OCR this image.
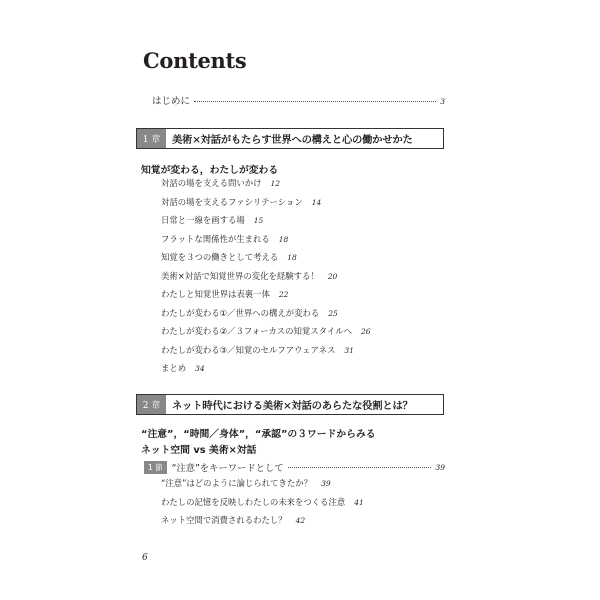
Contents
はじめに	3
1 章	美術×対話がもたらす世界への構えと心の働かせかた
知覚が変わる，わたしが変わる
対話の場を支える問いかけ 12
対話の場を支えるファシリテーション 14
日常と一線を画する場 15
フラットな関係性が生まれる 18
知覚を３つの働きとして考える 18
美術×対話で知覚世界の変化を経験する！ 20
わたしと知覚世界は表裏一体 22
わたしが変わる①／世界への構えが変わる 25
わたしが変わる②／３フォーカスの知覚スタイルへ 26
わたしが変わる③／知覚のセルフアウェアネス 31
まとめ 34
2 章	ネット時代における美術×対話のあらたな役割とは？
“注意”，“時間／身体”，“承認”の３ワードからみる
ネット空間 vs 美術×対話
1 節 “注意”をキーワードとして	39
“注意”はどのように論じられてきたか？ 39
わたしの記憶を反映しわたしの未来をつくる注意 41
ネット空間で消費されるわたし？ 42
6
